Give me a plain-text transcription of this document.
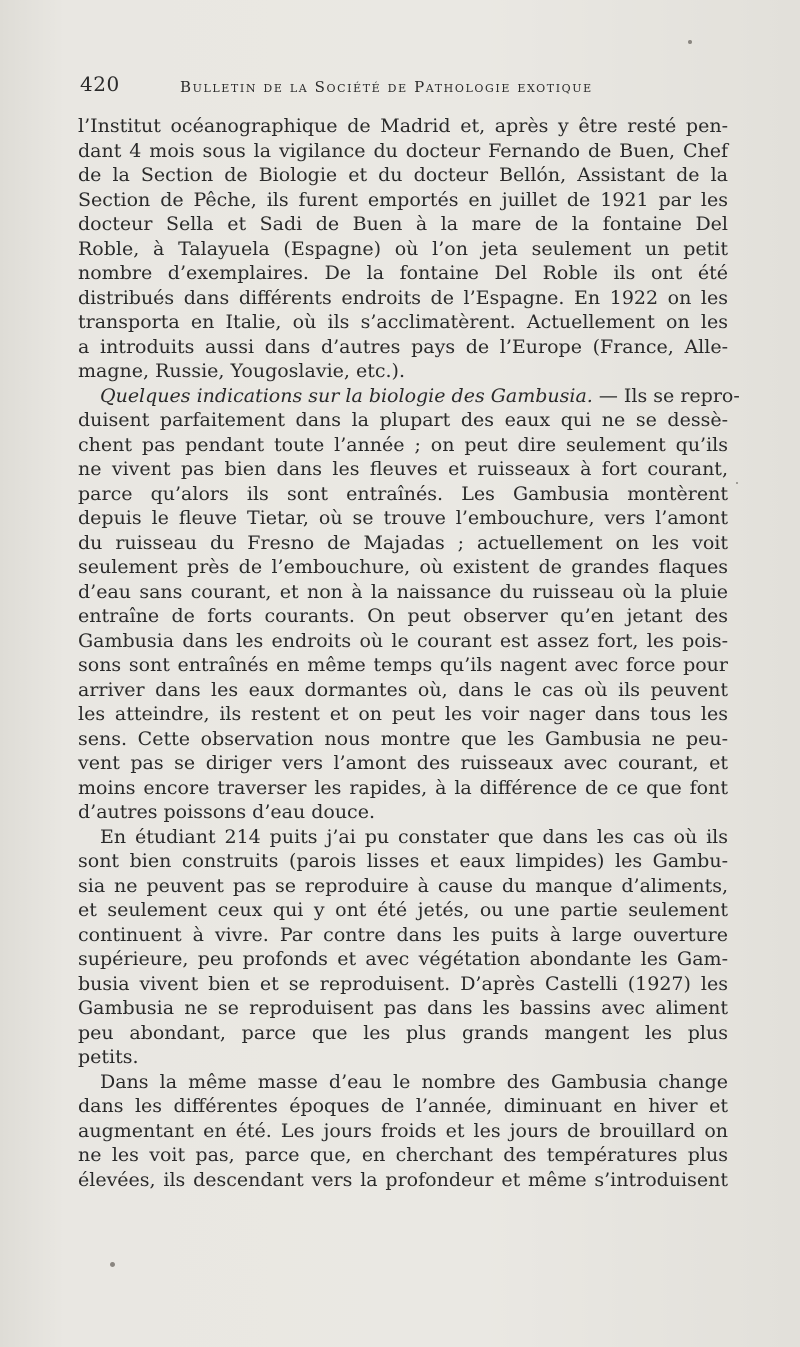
420	Bulletin de la Société de Pathologie exotique
l’Institut océanographique de Madrid et, après y être resté pen-
dant 4 mois sous la vigilance du docteur Fernando de Buen, Chef
de la Section de Biologie et du docteur Bellón, Assistant de la
Section de Pêche, ils furent emportés en juillet de 1921 par les
docteur Sella et Sadi de Buen à la mare de la fontaine Del
Roble, à Talayuela (Espagne) où l’on jeta seulement un petit
nombre d’exemplaires. De la fontaine Del Roble ils ont été
distribués dans différents endroits de l’Espagne. En 1922 on les
transporta en Italie, où ils s’acclimatèrent. Actuellement on les
a introduits aussi dans d’autres pays de l’Europe (France, Alle-
magne, Russie, Yougoslavie, etc.).
Quelques indications sur la biologie des Gambusia. — Ils se repro-
duisent parfaitement dans la plupart des eaux qui ne se dessè-
chent pas pendant toute l’année ; on peut dire seulement qu’ils
ne vivent pas bien dans les fleuves et ruisseaux à fort courant,
parce qu’alors ils sont entraînés. Les Gambusia montèrent
depuis le fleuve Tietar, où se trouve l’embouchure, vers l’amont
du ruisseau du Fresno de Majadas ; actuellement on les voit
seulement près de l’embouchure, où existent de grandes flaques
d’eau sans courant, et non à la naissance du ruisseau où la pluie
entraîne de forts courants. On peut observer qu’en jetant des
Gambusia dans les endroits où le courant est assez fort, les pois-
sons sont entraînés en même temps qu’ils nagent avec force pour
arriver dans les eaux dormantes où, dans le cas où ils peuvent
les atteindre, ils restent et on peut les voir nager dans tous les
sens. Cette observation nous montre que les Gambusia ne peu-
vent pas se diriger vers l’amont des ruisseaux avec courant, et
moins encore traverser les rapides, à la différence de ce que font
d’autres poissons d’eau douce.
En étudiant 214 puits j’ai pu constater que dans les cas où ils
sont bien construits (parois lisses et eaux limpides) les Gambu-
sia ne peuvent pas se reproduire à cause du manque d’aliments,
et seulement ceux qui y ont été jetés, ou une partie seulement
continuent à vivre. Par contre dans les puits à large ouverture
supérieure, peu profonds et avec végétation abondante les Gam-
busia vivent bien et se reproduisent. D’après Castelli (1927) les
Gambusia ne se reproduisent pas dans les bassins avec aliment
peu abondant, parce que les plus grands mangent les plus
petits.
Dans la même masse d’eau le nombre des Gambusia change
dans les différentes époques de l’année, diminuant en hiver et
augmentant en été. Les jours froids et les jours de brouillard on
ne les voit pas, parce que, en cherchant des températures plus
élevées, ils descendant vers la profondeur et même s’introduisent
